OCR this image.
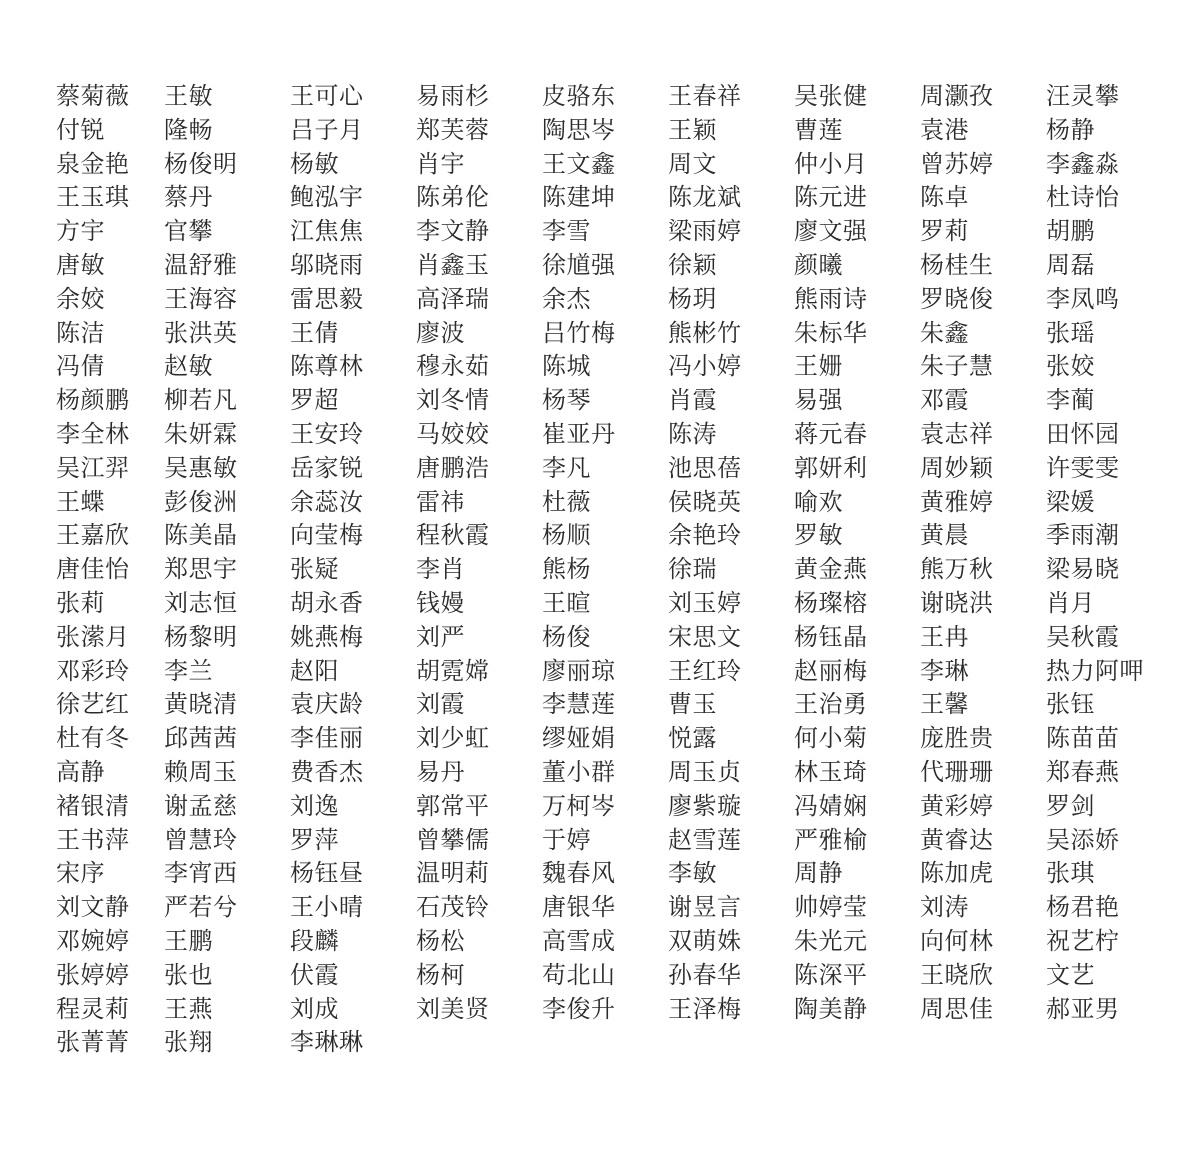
蔡菊薇 王敏	王可心 易雨杉 皮骆东 王春祥 吴张健 周灏孜 汪灵攀
付锐 隆畅	吕子月 郑芙蓉 陶思岑 王颖	曹莲	袁港	杨静
泉金艳 杨俊明 杨敏	肖宇	王文鑫 周文	仲小月 曾苏婷 李鑫淼
王玉琪 蔡丹	鲍泓宇 陈弟伦 陈建坤 陈龙斌 陈元进 陈卓	杜诗怡
方宇 官攀	江焦焦 李文静 李雪	梁雨婷 廖文强 罗莉	胡鹏
唐敏 温舒雅 邬晓雨 肖鑫玉 徐馗强 徐颖	颜曦	杨桂生 周磊
余姣 王海容 雷思毅 高泽瑞 余杰	杨玥	熊雨诗 罗晓俊 李凤鸣
陈洁 张洪英 王倩	廖波	吕竹梅 熊彬竹 朱标华 朱鑫	张瑶
冯倩 赵敏	陈尊林 穆永茹 陈城	冯小婷 王姗	朱子慧 张姣
杨颜鹏 柳若凡 罗超	刘冬情 杨琴	肖霞	易强	邓霞	李蔺
李全林 朱妍霖 王安玲 马姣姣 崔亚丹 陈涛	蒋元春 袁志祥 田怀园
吴江羿 吴惠敏 岳家锐 唐鹏浩 李凡	池思蓓 郭妍利 周妙颖 许雯雯
王蝶 彭俊洲 余蕊汝 雷祎	杜薇	侯晓英 喻欢	黄雅婷 梁媛
王嘉欣 陈美晶 向莹梅 程秋霞 杨顺	余艳玲 罗敏	黄晨	季雨潮
唐佳怡 郑思宇 张疑	李肖	熊杨	徐瑞	黄金燕 熊万秋 梁易晓
张莉 刘志恒 胡永香 钱嫚	王暄	刘玉婷 杨璨榕 谢晓洪 肖月
张潆月 杨黎明 姚燕梅 刘严	杨俊	宋思文 杨钰晶 王冉	吴秋霞
邓彩玲 李兰	赵阳	胡霓嫦 廖丽琼 王红玲 赵丽梅 李琳	热力阿呷
徐艺红 黄晓清 袁庆龄 刘霞	李慧莲 曹玉	王治勇 王馨	张钰
杜有冬 邱茜茜 李佳丽 刘少虹 缪娅娟 悦露	何小菊 庞胜贵 陈苗苗
高静 赖周玉 费香杰 易丹	董小群 周玉贞 林玉琦 代珊珊 郑春燕
褚银清 谢孟慈 刘逸	郭常平 万柯岑 廖紫璇 冯婧娴 黄彩婷 罗剑
王书萍 曾慧玲 罗萍	曾攀儒 于婷	赵雪莲 严雅榆 黄睿达 吴添娇
宋序 李宵西 杨钰昼 温明莉 魏春风 李敏	周静	陈加虎 张琪
刘文静 严若兮 王小晴 石茂铃 唐银华 谢昱言 帅婷莹 刘涛	杨君艳
邓婉婷 王鹏	段麟	杨松	高雪成 双萌姝 朱光元 向何林 祝艺柠
张婷婷 张也	伏霞	杨柯	苟北山 孙春华 陈深平 王晓欣 文艺
程灵莉 王燕	刘成	刘美贤 李俊升 王泽梅 陶美静 周思佳 郝亚男
张菁菁 张翔	李琳琳
